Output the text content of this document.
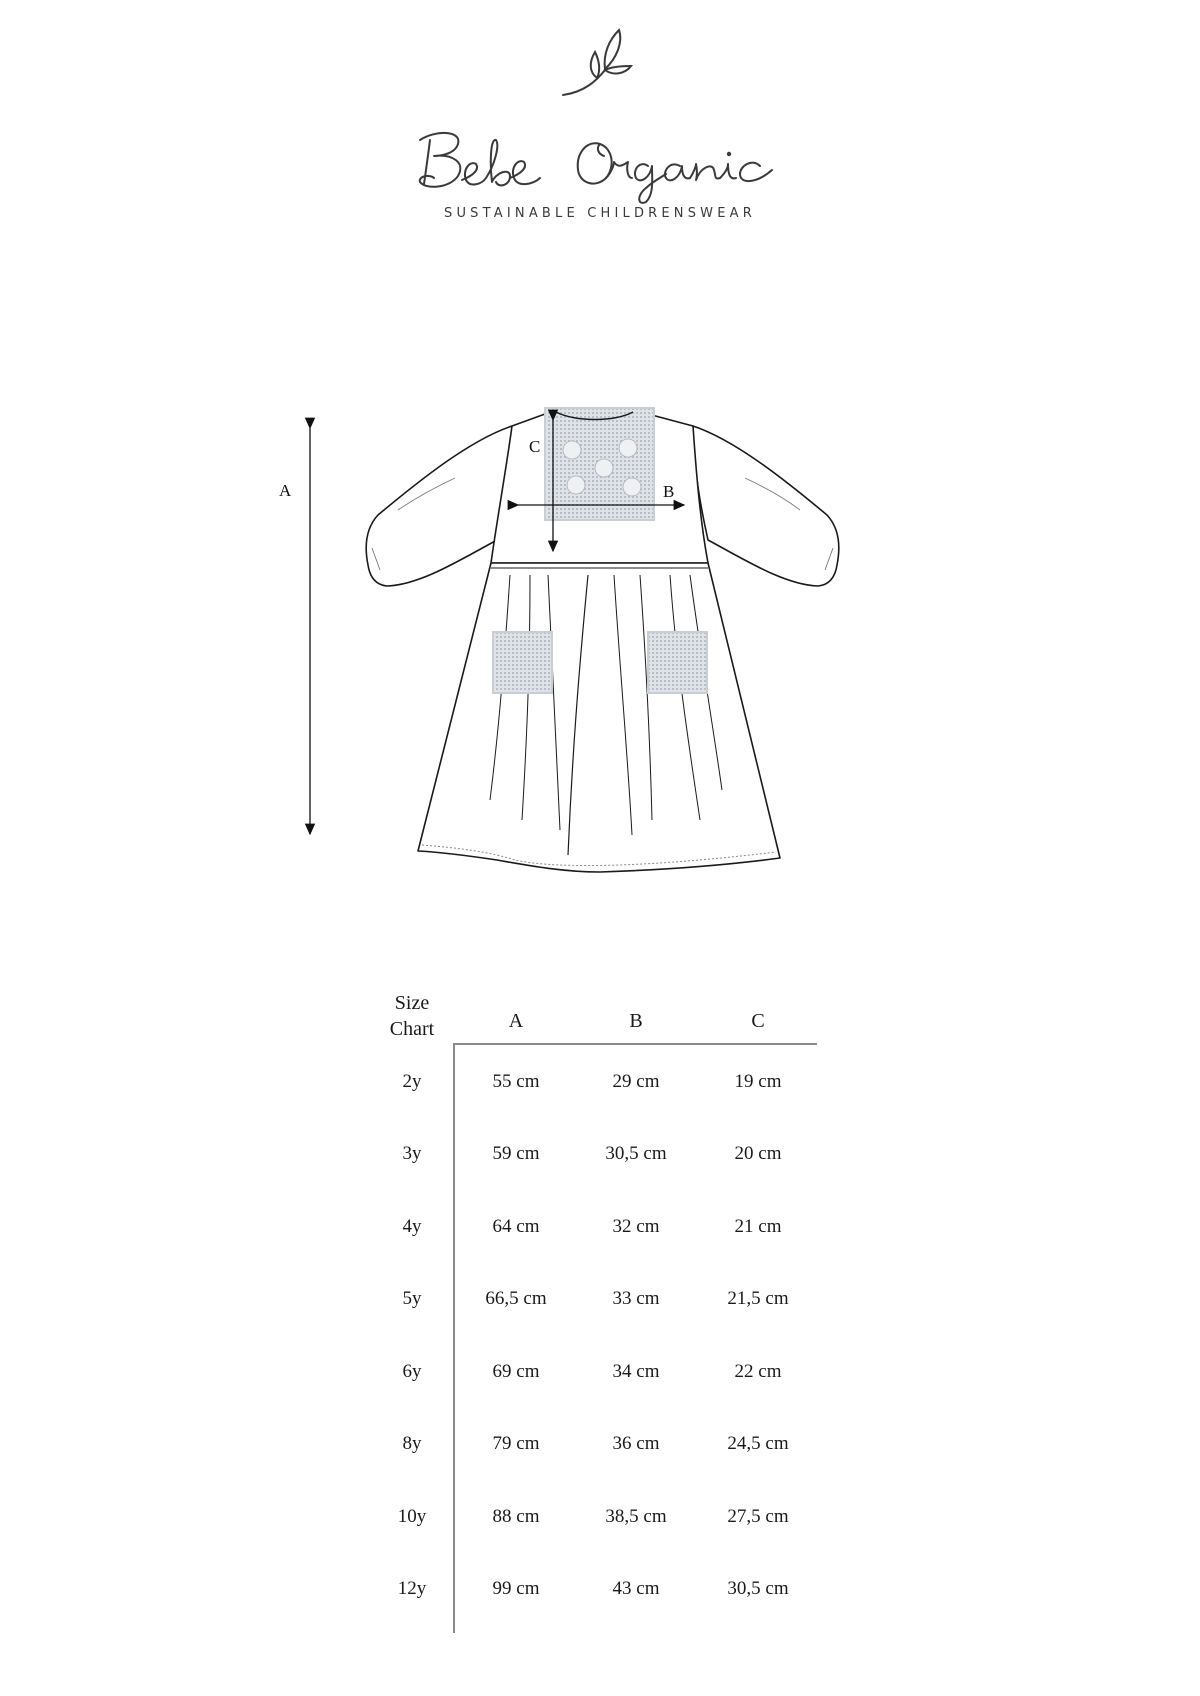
SUSTAINABLE CHILDRENSWEAR
A
C
B
Size
Chart	A	B	C
2y	55 cm	29 cm	19 cm
3y	59 cm	30,5 cm	20 cm
4y	64 cm	32 cm	21 cm
5y	66,5 cm	33 cm	21,5 cm
6y	69 cm	34 cm	22 cm
8y	79 cm	36 cm	24,5 cm
10y	88 cm	38,5 cm	27,5 cm
12y	99 cm	43 cm	30,5 cm
